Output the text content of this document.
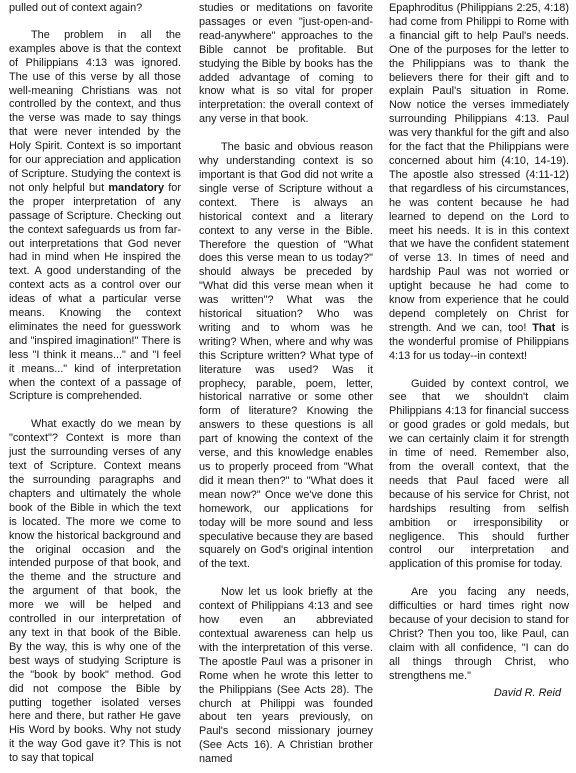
pulled out of context again?

The problem in all the examples above is that the context of Philippians 4:13 was ignored. The use of this verse by all those well-meaning Christians was not controlled by the context, and thus the verse was made to say things that were never intended by the Holy Spirit. Context is so important for our appreciation and application of Scripture. Studying the context is not only helpful but mandatory for the proper interpretation of any passage of Scripture. Checking out the context safeguards us from far-out interpretations that God never had in mind when He inspired the text. A good understanding of the context acts as a control over our ideas of what a particular verse means. Knowing the context eliminates the need for guesswork and "inspired imagination!" There is less "I think it means..." and "I feel it means..." kind of interpretation when the context of a passage of Scripture is comprehended.

What exactly do we mean by "context"? Context is more than just the surrounding verses of any text of Scripture. Context means the surrounding paragraphs and chapters and ultimately the whole book of the Bible in which the text is located. The more we come to know the historical background and the original occasion and the intended purpose of that book, and the theme and the structure and the argument of that book, the more we will be helped and controlled in our interpretation of any text in that book of the Bible. By the way, this is why one of the best ways of studying Scripture is the "book by book" method. God did not compose the Bible by putting together isolated verses here and there, but rather He gave His Word by books. Why not study it the way God gave it? This is not to say that topical

studies or meditations on favorite passages or even "just-open-and-read-anywhere" approaches to the Bible cannot be profitable. But studying the Bible by books has the added advantage of coming to know what is so vital for proper interpretation: the overall context of any verse in that book.

The basic and obvious reason why understanding context is so important is that God did not write a single verse of Scripture without a context. There is always an historical context and a literary context to any verse in the Bible. Therefore the question of "What does this verse mean to us today?" should always be preceded by "What did this verse mean when it was written"? What was the historical situation? Who was writing and to whom was he writing? When, where and why was this Scripture written? What type of literature was used? Was it prophecy, parable, poem, letter, historical narrative or some other form of literature? Knowing the answers to these questions is all part of knowing the context of the verse, and this knowledge enables us to properly proceed from "What did it mean then?" to "What does it mean now?" Once we've done this homework, our applications for today will be more sound and less speculative because they are based squarely on God's original intention of the text.

Now let us look briefly at the context of Philippians 4:13 and see how even an abbreviated contextual awareness can help us with the interpretation of this verse. The apostle Paul was a prisoner in Rome when he wrote this letter to the Philippians (See Acts 28). The church at Philippi was founded about ten years previously, on Paul's second missionary journey (See Acts 16). A Christian brother named

Epaphroditus (Philippians 2:25, 4:18) had come from Philippi to Rome with a financial gift to help Paul's needs. One of the purposes for the letter to the Philippians was to thank the believers there for their gift and to explain Paul's situation in Rome. Now notice the verses immediately surrounding Philippians 4:13. Paul was very thankful for the gift and also for the fact that the Philippians were concerned about him (4:10, 14-19). The apostle also stressed (4:11-12) that regardless of his circumstances, he was content because he had learned to depend on the Lord to meet his needs. It is in this context that we have the confident statement of verse 13. In times of need and hardship Paul was not worried or uptight because he had come to know from experience that he could depend completely on Christ for strength. And we can, too! That is the wonderful promise of Philippians 4:13 for us today--in context!

Guided by context control, we see that we shouldn't claim Philippians 4:13 for financial success or good grades or gold medals, but we can certainly claim it for strength in time of need. Remember also, from the overall context, that the needs that Paul faced were all because of his service for Christ, not hardships resulting from selfish ambition or irresponsibility or negligence. This should further control our interpretation and application of this promise for today.

Are you facing any needs, difficulties or hard times right now because of your decision to stand for Christ? Then you too, like Paul, can claim with all confidence, "I can do all things through Christ, who strengthens me."

David R. Reid
